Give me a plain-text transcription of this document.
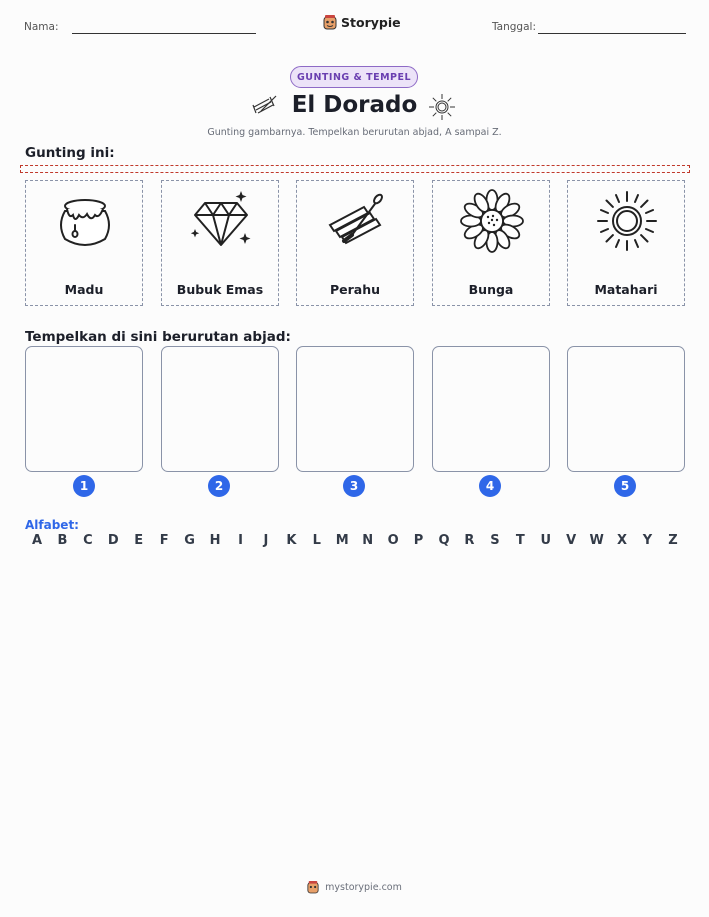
Nama:	Storypie	Tanggal:
GUNTING & TEMPEL
El Dorado
Gunting gambarnya. Tempelkan berurutan abjad, A sampai Z.
Gunting ini:
Madu	Bubuk Emas	Perahu	Bunga	Matahari
Tempelkan di sini berurutan abjad:
1	2	3	4	5
Alfabet:
A	B	C	D	E	F	G	H	I	J	K	L	M	N	O	P	Q	R	S	T	U	V	W	X	Y	Z
mystorypie.com
